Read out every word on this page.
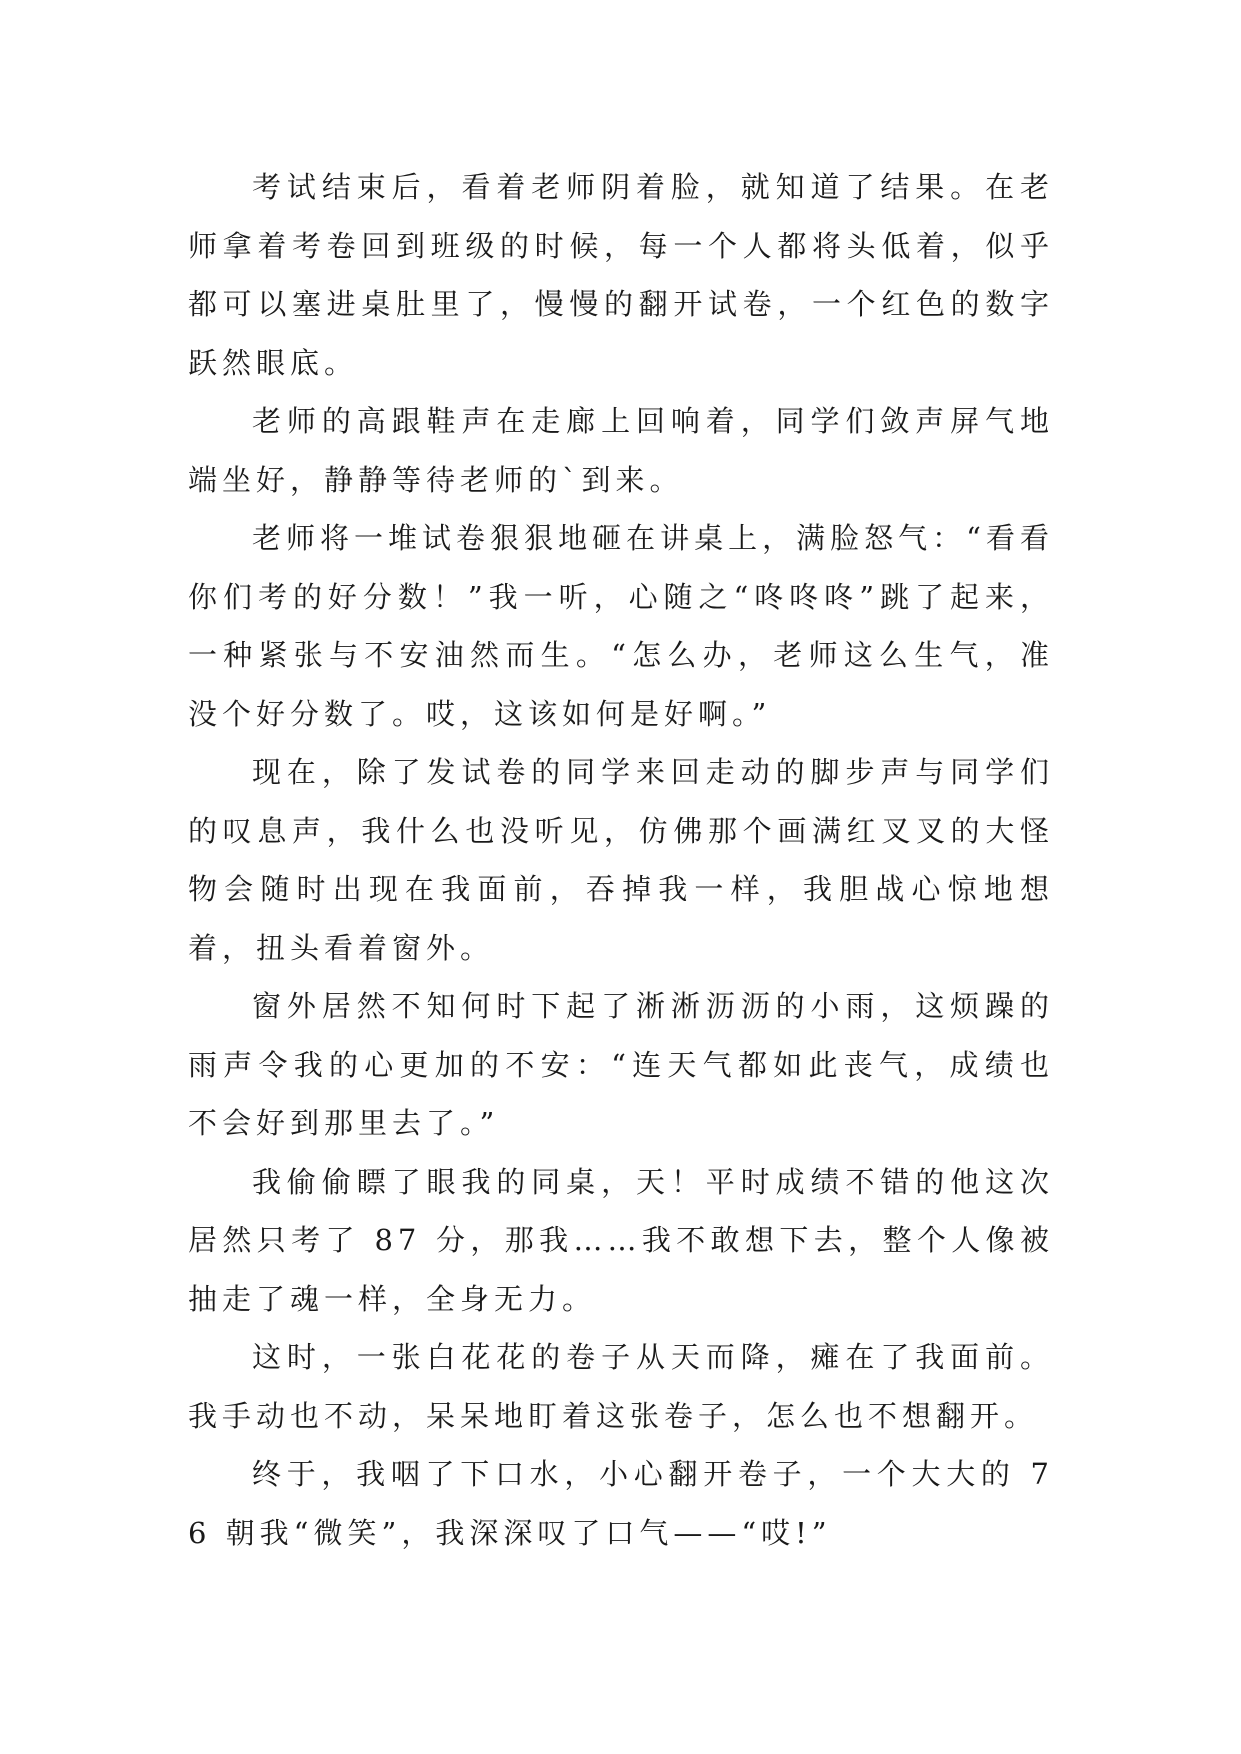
考试结束后，看着老师阴着脸，就知道了结果。在老师拿着考卷回到班级的时候，每一个人都将头低着，似乎都可以塞进桌肚里了，慢慢的翻开试卷，一个红色的数字跃然眼底。

老师的高跟鞋声在走廊上回响着，同学们敛声屏气地端坐好，静静等待老师的`到来。

老师将一堆试卷狠狠地砸在讲桌上，满脸怒气：“看看你们考的好分数！”我一听，心随之“咚咚咚”跳了起来，一种紧张与不安油然而生。“怎么办，老师这么生气，准没个好分数了。哎，这该如何是好啊。”

现在，除了发试卷的同学来回走动的脚步声与同学们的叹息声，我什么也没听见，仿佛那个画满红叉叉的大怪物会随时出现在我面前，吞掉我一样，我胆战心惊地想着，扭头看着窗外。

窗外居然不知何时下起了淅淅沥沥的小雨，这烦躁的雨声令我的心更加的不安：“连天气都如此丧气，成绩也不会好到那里去了。”

我偷偷瞟了眼我的同桌，天！平时成绩不错的他这次居然只考了 87 分，那我……我不敢想下去，整个人像被抽走了魂一样，全身无力。

这时，一张白花花的卷子从天而降，瘫在了我面前。我手动也不动，呆呆地盯着这张卷子，怎么也不想翻开。

终于，我咽了下口水，小心翻开卷子，一个大大的 76 朝我“微笑”，我深深叹了口气——“哎!”
